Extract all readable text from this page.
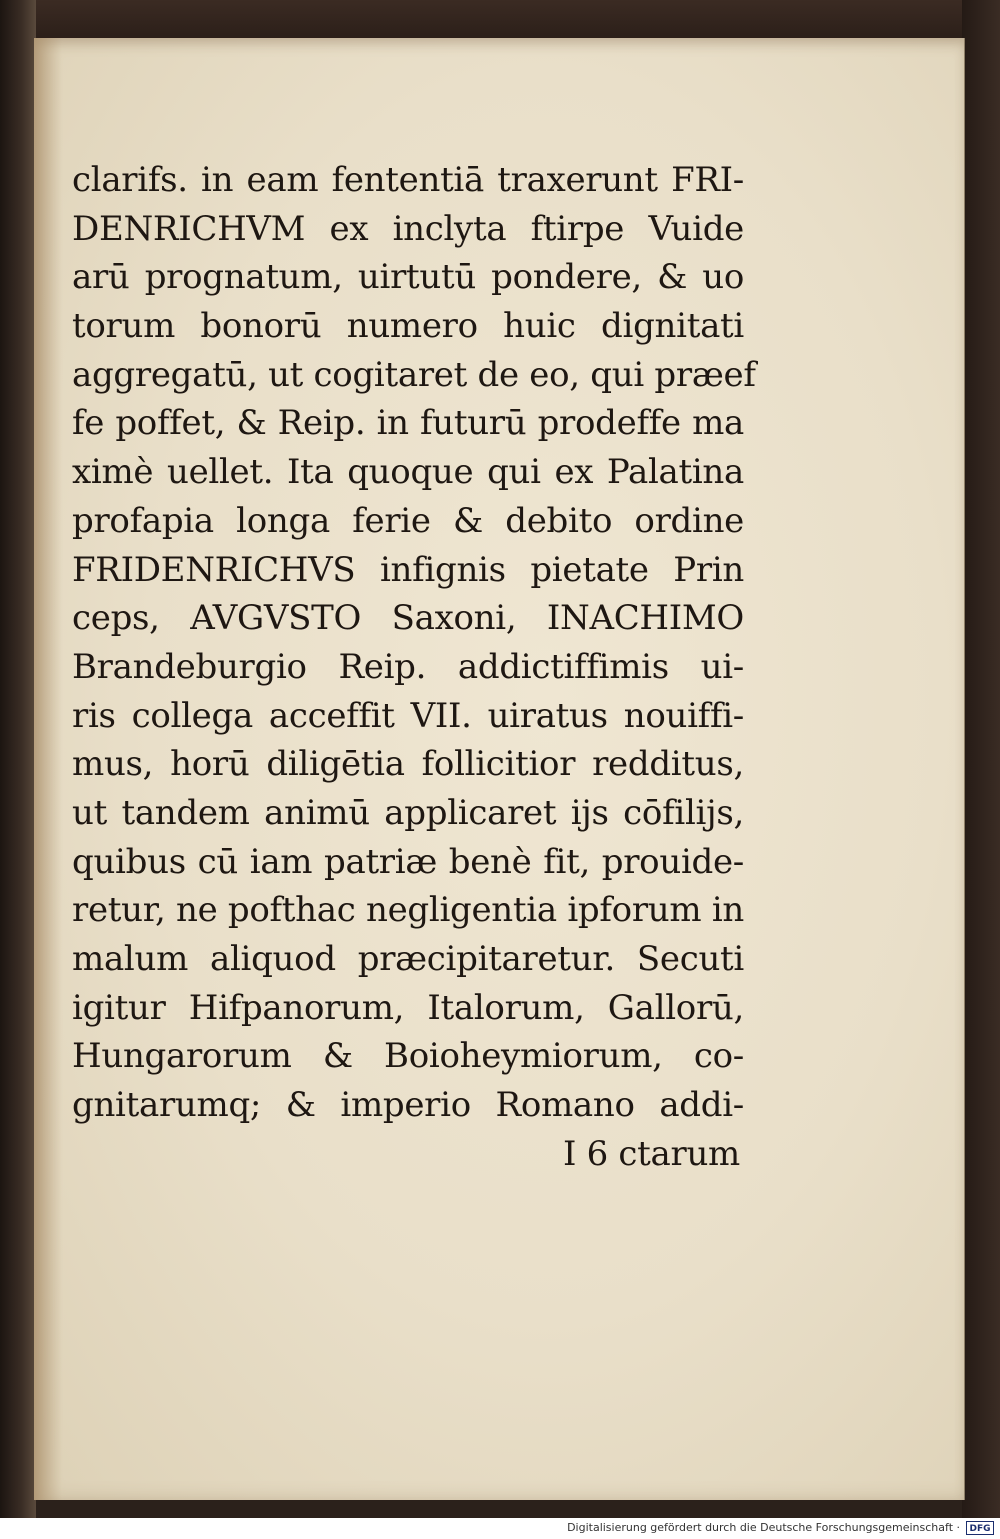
clarifs. in eam fententiā traxerunt FRI-
DENRICHVM ex inclyta ftirpe Vuide
arū prognatum, uirtutū pondere, & uo
torum bonorū numero huic dignitati
aggregatū, ut cogitaret de eo, qui præef
fe poffet, & Reip. in futurū prodeffe ma
ximè uellet. Ita quoque qui ex Palatina
profapia longa ferie & debito ordine
FRIDENRICHVS infignis pietate Prin
ceps, AVGVSTO Saxoni, INACHIMO
Brandeburgio Reip. addictiffimis ui-
ris collega acceffit VII. uiratus nouiffi-
mus, horū diligētia follicitior redditus,
ut tandem animū applicaret ijs cōfilijs,
quibus cū iam patriæ benè fit, prouide-
retur, ne pofthac negligentia ipforum in
malum aliquod præcipitaretur. Secuti
igitur Hifpanorum, Italorum, Gallorū,
Hungarorum & Boioheymiorum, co-
gnitarumq; & imperio Romano addi-
I 6 ctarum
Digitalisierung gefördert durch die Deutsche Forschungsgemeinschaft ·	DFG
